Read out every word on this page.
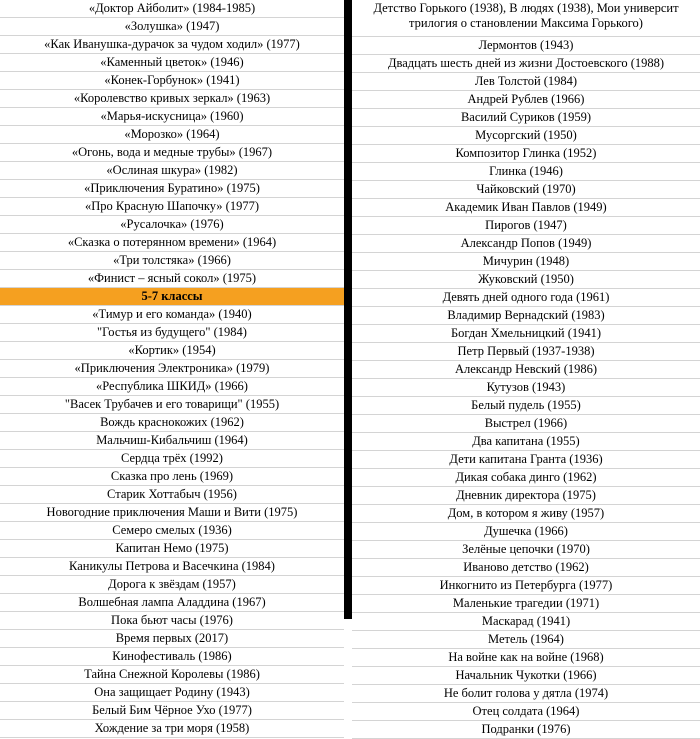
«Доктор Айболит» (1984-1985)
«Золушка» (1947)
«Как Иванушка-дурачок за чудом ходил» (1977)
«Каменный цветок» (1946)
«Конек-Горбунок» (1941)
«Королевство кривых зеркал» (1963)
«Марья-искусница» (1960)
«Морозко» (1964)
«Огонь, вода и медные трубы» (1967)
«Ослиная шкура» (1982)
«Приключения Буратино» (1975)
«Про Красную Шапочку» (1977)
«Русалочка» (1976)
«Сказка о потерянном времени» (1964)
«Три толстяка» (1966)
«Финист – ясный сокол» (1975)
5-7 классы
«Тимур и его команда» (1940)
"Гостья из будущего" (1984)
«Кортик» (1954)
«Приключения Электроника» (1979)
«Республика ШКИД» (1966)
"Васек Трубачев и его товарищи" (1955)
Вождь краснокожих (1962)
Мальчиш-Кибальчиш (1964)
Сердца трёх (1992)
Сказка про лень (1969)
Старик Хоттабыч (1956)
Новогодние приключения Маши и Вити (1975)
Семеро смелых (1936)
Капитан Немо (1975)
Каникулы Петрова и Васечкина (1984)
Дорога к звёздам (1957)
Волшебная лампа Аладдина (1967)
Пока бьют часы (1976)
Время первых (2017)
Кинофестиваль (1986)
Тайна Снежной Королевы (1986)
Она защищает Родину (1943)
Белый Бим Чёрное Ухо (1977)
Хождение за три моря (1958)
Детство Горького (1938), В людях (1938), Мои университ
трилогия о становлении Максима Горького)
Лермонтов (1943)
Двадцать шесть дней из жизни Достоевского (1988)
Лев Толстой (1984)
Андрей Рублев (1966)
Василий Суриков (1959)
Мусоргский (1950)
Композитор Глинка (1952)
Глинка (1946)
Чайковский (1970)
Академик Иван Павлов (1949)
Пирогов (1947)
Александр Попов (1949)
Мичурин (1948)
Жуковский (1950)
Девять дней одного года (1961)
Владимир Вернадский (1983)
Богдан Хмельницкий (1941)
Петр Первый (1937-1938)
Александр Невский (1986)
Кутузов (1943)
Белый пудель (1955)
Выстрел (1966)
Два капитана (1955)
Дети капитана Гранта (1936)
Дикая собака динго (1962)
Дневник директора (1975)
Дом, в котором я живу (1957)
Душечка (1966)
Зелёные цепочки (1970)
Иваново детство (1962)
Инкогнито из Петербурга (1977)
Маленькие трагедии (1971)
Маскарад (1941)
Метель (1964)
На войне как на войне (1968)
Начальник Чукотки (1966)
Не болит голова у дятла (1974)
Отец солдата (1964)
Подранки (1976)
